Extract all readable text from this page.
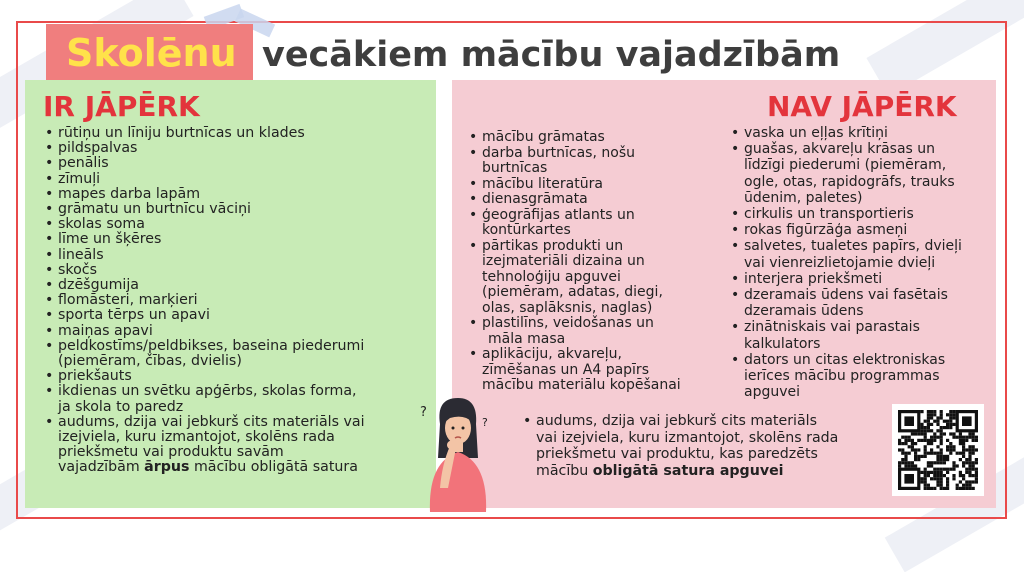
Skolēnu vecākiem mācību vajadzībām
IR JĀPĒRK	NAV JĀPĒRK
• rūtiņu un līniju burtnīcas un klades
• pildspalvas
• penālis
• zīmuļi
• mapes darba lapām
• grāmatu un burtnīcu vāciņi
• skolas soma
• līme un šķēres
• lineāls
• skočs
• dzēšgumija
• flomāsteri, marķieri
• sporta tērps un apavi
• maiņas apavi
• peldkostīms/peldbikses, baseina piederumi
(piemēram, čības, dvielis)
• priekšauts
• ikdienas un svētku apģērbs, skolas forma,
ja skola to paredz
• audums, dzija vai jebkurš cits materiāls vai
izejviela, kuru izmantojot, skolēns rada
priekšmetu vai produktu savām
vajadzībām ārpus mācību obligātā satura
• mācību grāmatas
• darba burtnīcas, nošu
burtnīcas
• mācību literatūra
• dienasgrāmata
• ģeogrāfijas atlants un
kontūrkartes
• pārtikas produkti un
izejmateriāli dizaina un
tehnoloģiju apguvei
(piemēram, adatas, diegi,
olas, saplāksnis, naglas)
• plastilīns, veidošanas un
māla masa
• aplikāciju, akvareļu,
zīmēšanas un A4 papīrs
mācību materiālu kopēšanai
• vaska un eļļas krītiņi
• guašas, akvareļu krāsas un
līdzīgi piederumi (piemēram,
ogle, otas, rapidogrāfs, trauks
ūdenim, paletes)
• cirkulis un transportieris
• rokas figūrzāģa asmeņi
• salvetes, tualetes papīrs, dvieļi
vai vienreizlietojamie dvieļi
• interjera priekšmeti
• dzeramais ūdens vai fasētais
dzeramais ūdens
• zinātniskais vai parastais
kalkulators
• dators un citas elektroniskas
ierīces mācību programmas
apguvei
• audums, dzija vai jebkurš cits materiāls
vai izejviela, kuru izmantojot, skolēns rada
priekšmetu vai produktu, kas paredzēts
mācību obligātā satura apguvei
?
?
